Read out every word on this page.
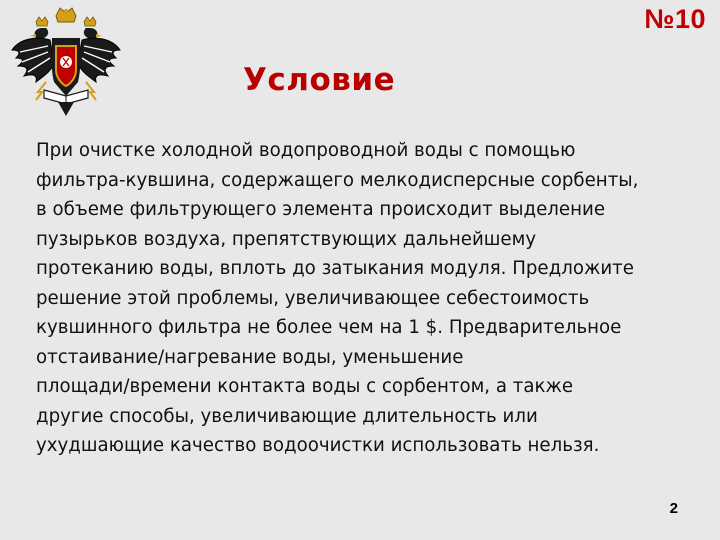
№10
Условие
При очистке холодной водопроводной воды с помощью
фильтра-кувшина, содержащего мелкодисперсные сорбенты,
в объеме фильтрующего элемента происходит выделение
пузырьков воздуха, препятствующих дальнейшему
протеканию воды, вплоть до затыкания модуля. Предложите
решение этой проблемы, увеличивающее себестоимость
кувшинного фильтра не более чем на 1 $. Предварительное
отстаивание/нагревание воды, уменьшение
площади/времени контакта воды с сорбентом, а также
другие способы, увеличивающие длительность или
ухудшающие качество водоочистки использовать нельзя.
2
